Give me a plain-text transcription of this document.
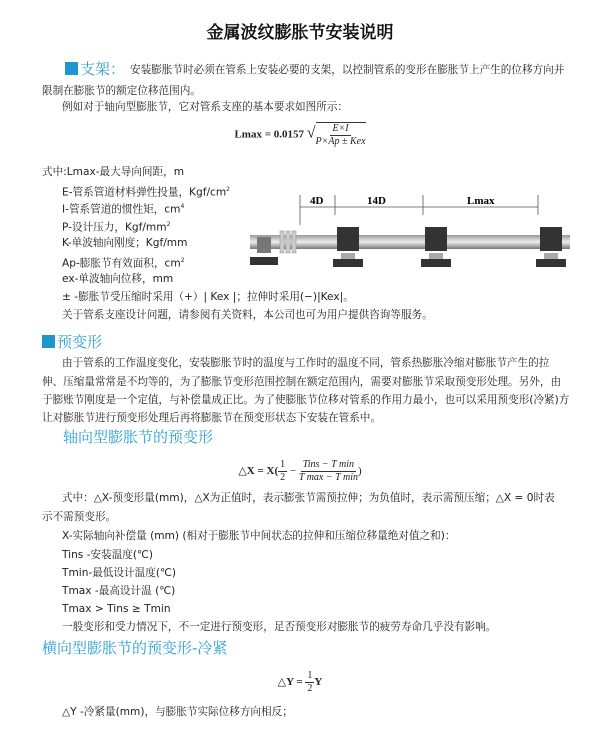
金属波纹膨胀节安装说明
支架： 安装膨胀节时必须在管系上安装必要的支架，以控制管系的变形在膨胀节上产生的位移方向并
限制在膨胀节的额定位移范围内。
例如对于轴向型膨胀节，它对管系支座的基本要求如图所示：
Lmax = 0.0157 √ $\frac{E\times I}{\text{P×Ap ± Kex}}$
式中:Lmax-最大导向间距，m
E-管系管道材料弹性投量，Kgf/$cm^2$
I-管系管道的惯性矩，$cm^4$
P-设计压力，Kgf/$mm^2$
K-单波轴向刚度；Kgf/mm
Ap-膨胀节有效面积，$cm^2$
ex-单波轴向位移，mm
± -膨胀节受压缩时采用（+）| Kex |；拉伸时采用(−)|Kex|。
关于管系支座设计问题，请参阅有关资料，本公司也可为用户提供咨询等服务。
4D	14D	Lmax
预变形
由于管系的工作温度变化，安装膨胀节时的温度与工作时的温度不同，管系热膨胀冷缩对膨胀节产生的拉
伸、压缩量常常是不均等的，为了膨胀节变形范围控制在额定范围内，需要对膨胀节采取预变形处理。另外，由
于膨账节刚度是一个定值，与补偿量成正比。为了使膨胀节位移对管系的作用力最小，也可以采用预变形(冷紧)方
让对膨胀节进行预变形处理后再将膨胀节在预变形状态下安装在管系中。
轴向型膨胀节的预变形
△X = $X( \frac{1}{2} - \frac{\text{Tins − T min}}{\text{T max − T min}}$ )
式中：△X-预变形量(mm)，△X为正值时，表示膨张节需预拉伸；为负值时，表示需预压缩；△X = 0时表
示不需预变形。
X-实际轴向补偿量 (mm) (相对于膨胀节中间状态的拉伸和压缩位移量绝对值之和)：
Tins -安装温度(℃)
Tmin-最低设计温度(℃)
Tmax -最高设计温 (℃)
Tmax > Tins ≥ Tmin
一般变形和受力情况下，不一定进行预变形，足否预变形对膨胀节的疲劳寿命几乎没有影响。
横向型膨胀节的预变形-冷紧
△Y = $\frac{1}{2}$ Y
△Y -冷紧量(mm)，与膨胀节实际位移方向相反；
